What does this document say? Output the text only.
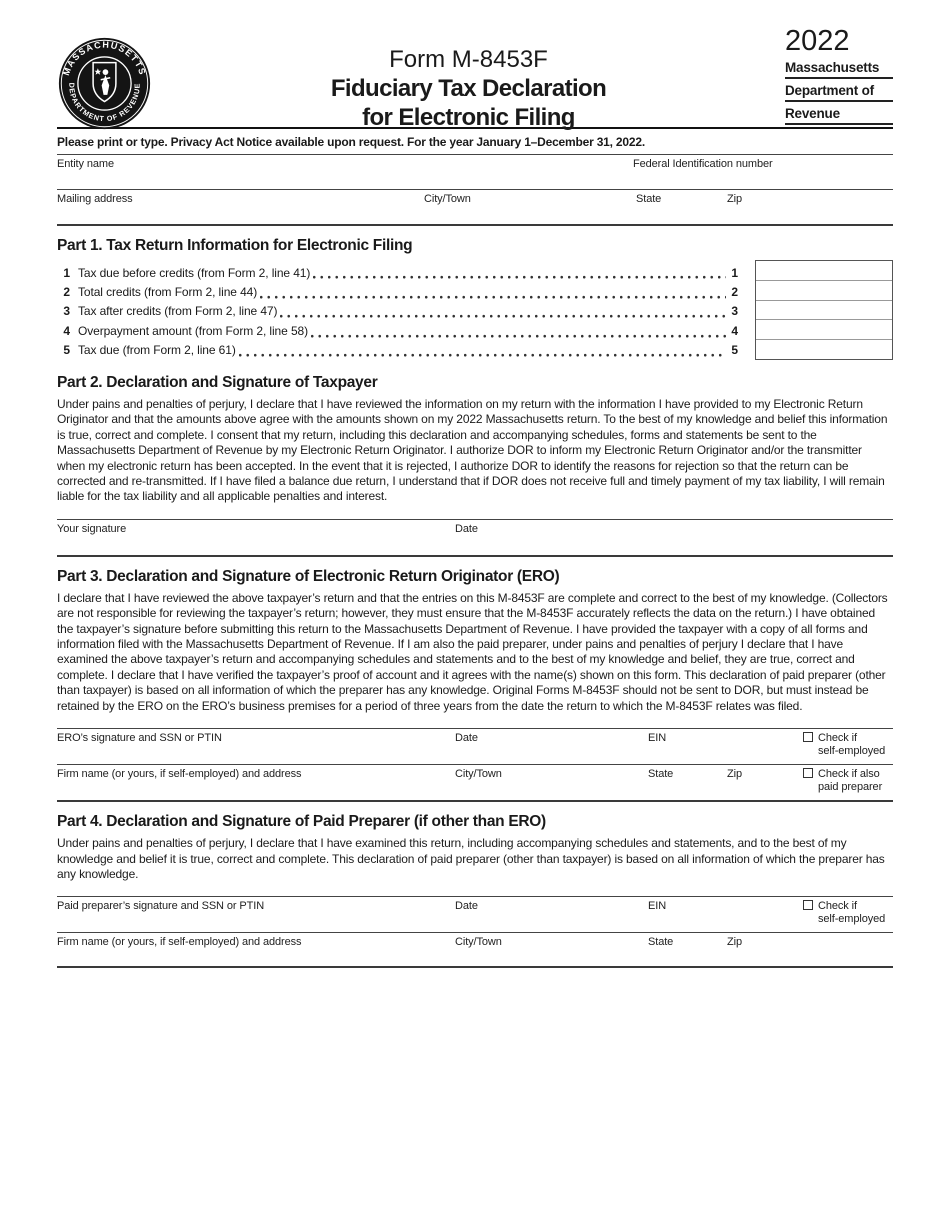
MASSACHUSETTS
DEPARTMENT OF REVENUE
Form M-8453F
Fiduciary Tax Declaration
for Electronic Filing
2022
Massachusetts
Department of
Revenue
Please print or type. Privacy Act Notice available upon request. For the year January 1–December 31, 2022.
Entity name	Federal Identification number
Mailing address	City/Town	State	Zip
Part 1. Tax Return Information for Electronic Filing
1 Tax due before credits (from Form 2, line 41)	1
2 Total credits (from Form 2, line 44)	2
3 Tax after credits (from Form 2, line 47)	3
4 Overpayment amount (from Form 2, line 58)	4
5 Tax due (from Form 2, line 61)	5
Part 2. Declaration and Signature of Taxpayer
Under pains and penalties of perjury, I declare that I have reviewed the information on my return with the information I have provided to my Electronic Return Originator and that the amounts above agree with the amounts shown on my 2022 Massachusetts return. To the best of my knowledge and belief this information is true, correct and complete. I consent that my return, including this declaration and accompanying schedules, forms and statements be sent to the Massachusetts Department of Revenue by my Electronic Return Originator. I authorize DOR to inform my Electronic Return Originator and/or the transmitter when my electronic return has been accepted. In the event that it is rejected, I authorize DOR to identify the reasons for rejection so that the return can be corrected and re-transmitted. If I have filed a balance due return, I understand that if DOR does not receive full and timely payment of my tax liability, I will remain liable for the tax liability and all applicable penalties and interest.
Your signature	Date
Part 3. Declaration and Signature of Electronic Return Originator (ERO)
I declare that I have reviewed the above taxpayer’s return and that the entries on this M-8453F are complete and correct to the best of my knowledge. (Collectors are not responsible for reviewing the taxpayer’s return; however, they must ensure that the M-8453F accurately reflects the data on the return.) I have obtained the taxpayer’s signature before submitting this return to the Massachusetts Department of Revenue. I have provided the taxpayer with a copy of all forms and information filed with the Massachusetts Department of Revenue. If I am also the paid preparer, under pains and penalties of perjury I declare that I have examined the above taxpayer’s return and accompanying schedules and statements and to the best of my knowledge and belief, they are true, correct and complete. I declare that I have verified the taxpayer’s proof of account and it agrees with the name(s) shown on this form. This declaration of paid preparer (other than taxpayer) is based on all information of which the preparer has any knowledge. Original Forms M-8453F should not be sent to DOR, but must instead be retained by the ERO on the ERO’s business premises for a period of three years from the date the return to which the M-8453F relates was filed.
ERO’s signature and SSN or PTIN	Date	EIN	Check if
self-employed
Firm name (or yours, if self-employed) and address	City/Town	State	Zip	Check if also
paid preparer
Part 4. Declaration and Signature of Paid Preparer (if other than ERO)
Under pains and penalties of perjury, I declare that I have examined this return, including accompanying schedules and statements, and to the best of my knowledge and belief it is true, correct and complete. This declaration of paid preparer (other than taxpayer) is based on all information of which the preparer has any knowledge.
Paid preparer’s signature and SSN or PTIN	Date	EIN	Check if
self-employed
Firm name (or yours, if self-employed) and address	City/Town	State	Zip
